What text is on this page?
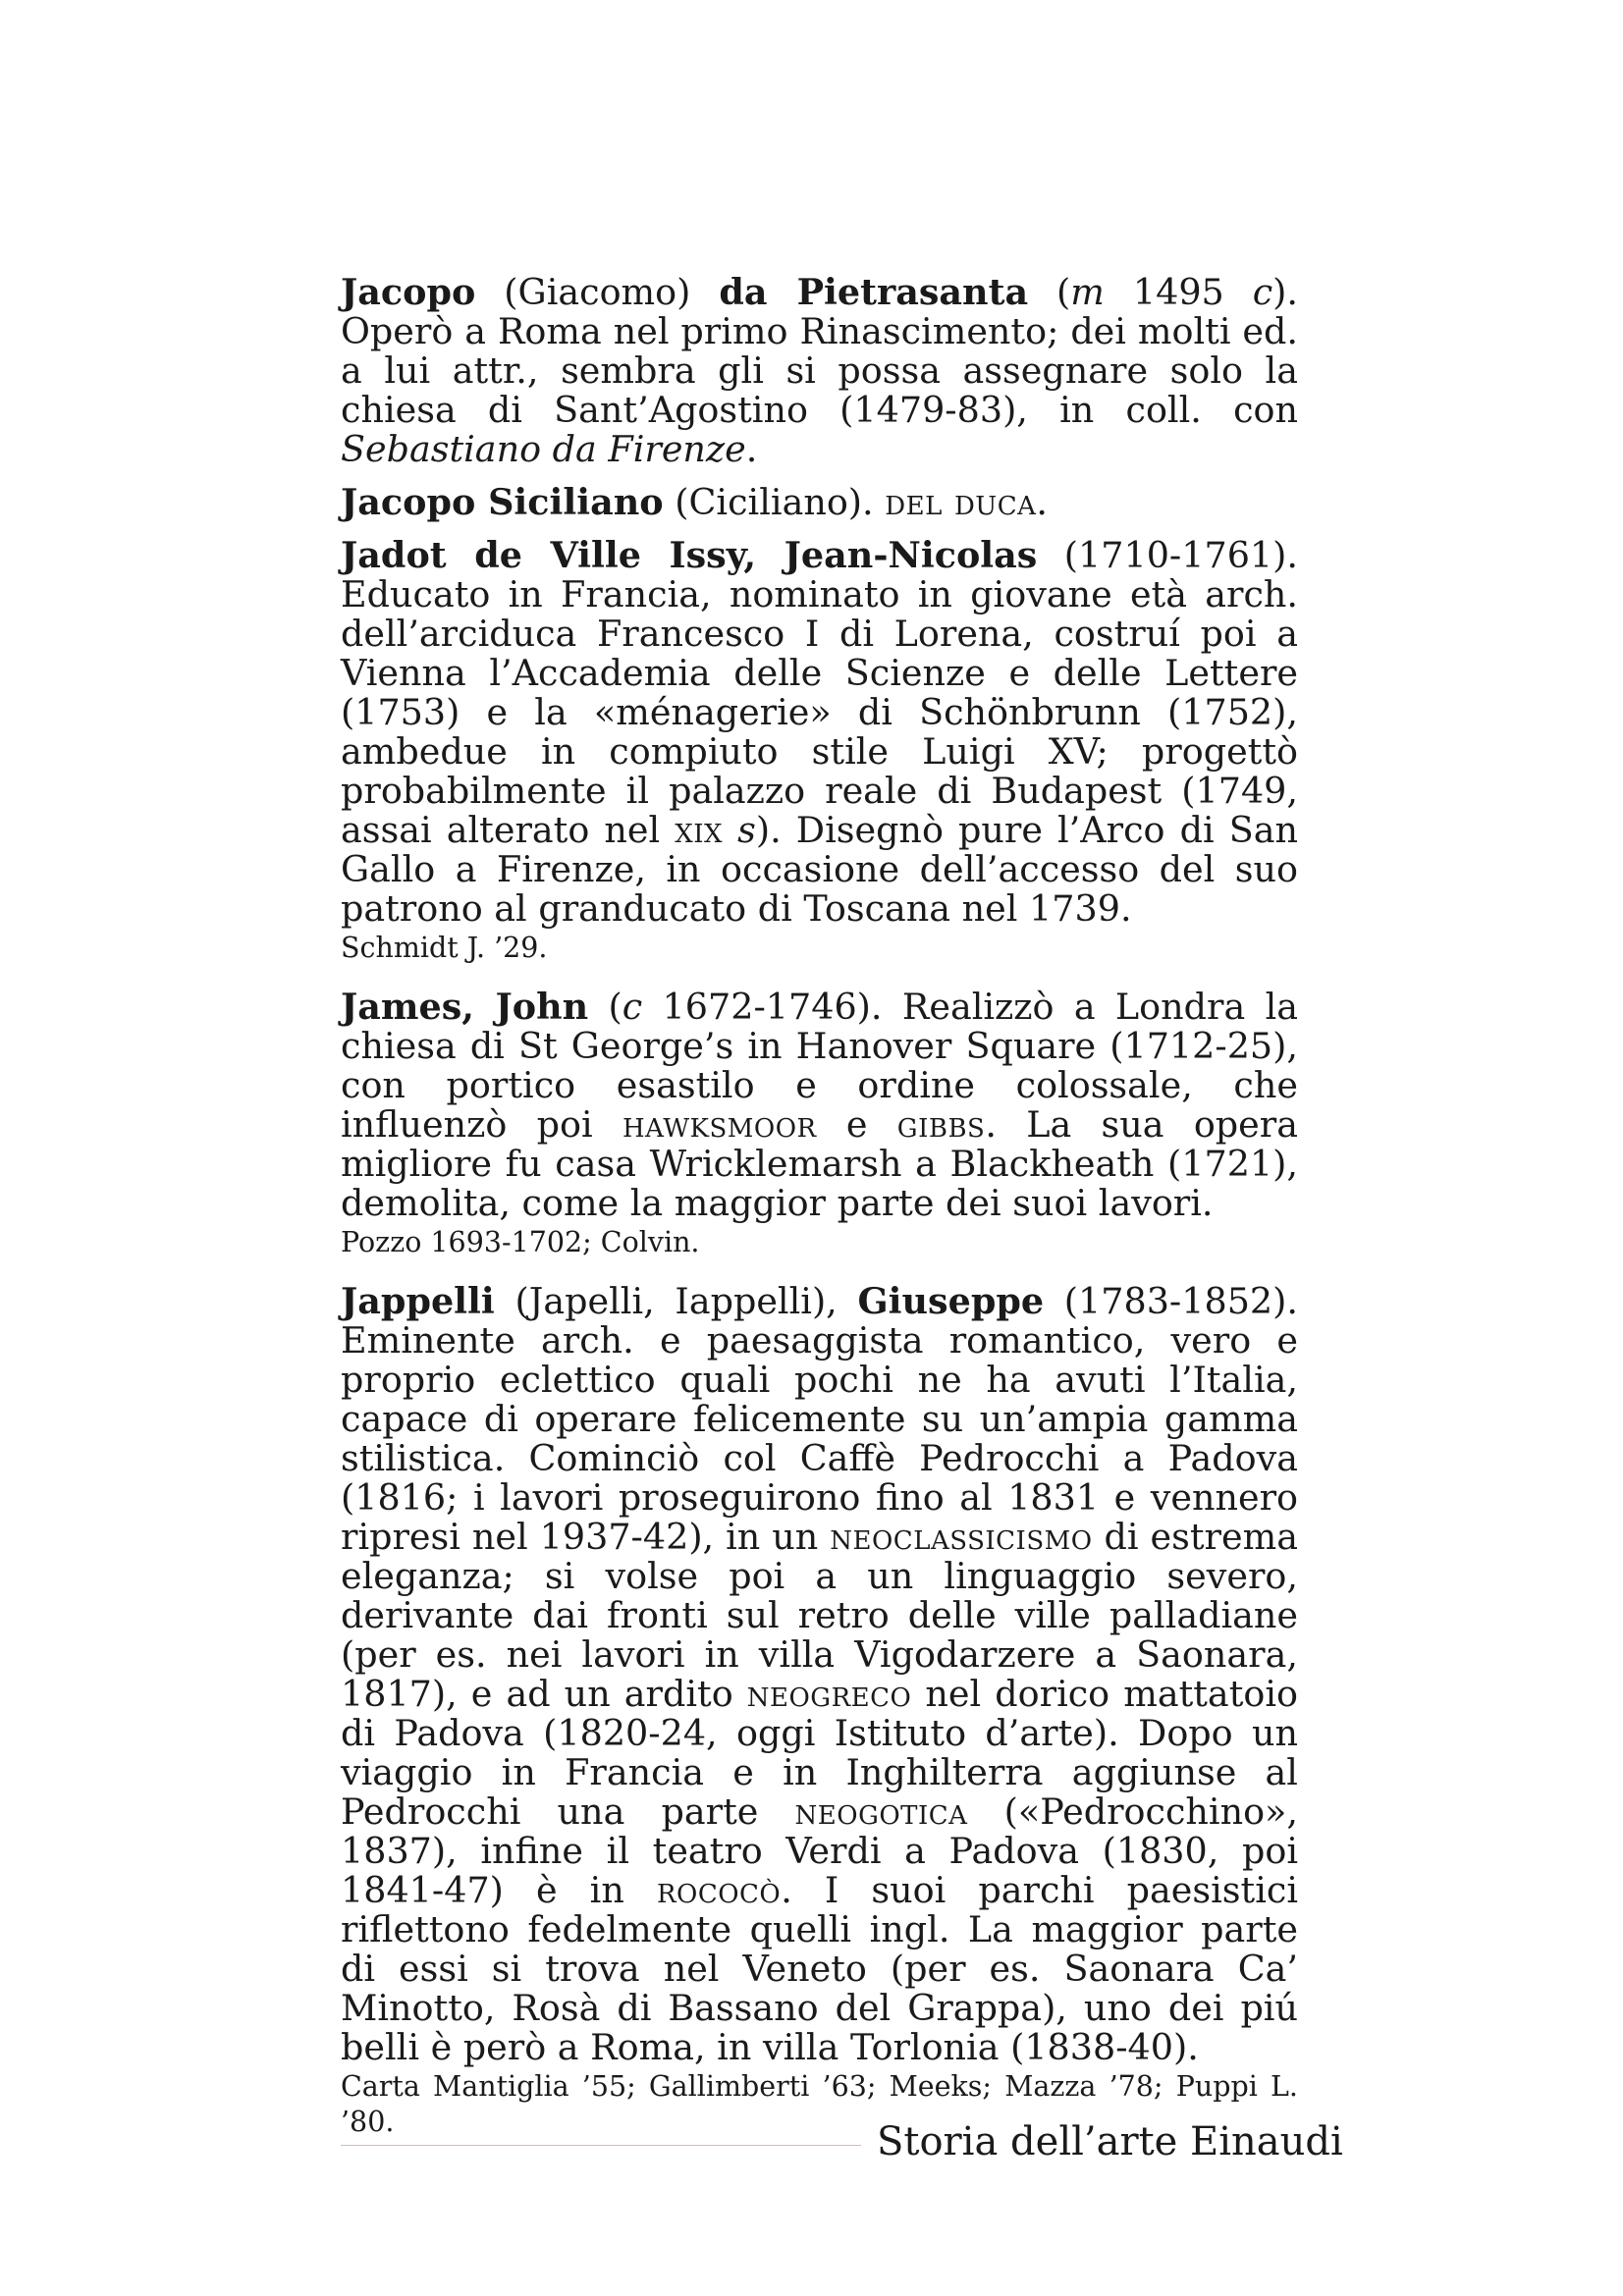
Jacopo (Giacomo) da Pietrasanta (m 1495 c). Operò a Roma nel primo Rinascimento; dei molti ed. a lui attr., sembra gli si possa assegnare solo la chiesa di Sant’Agostino (1479-83), in coll. con Sebastiano da Firenze.

Jacopo Siciliano (Ciciliano). del duca.

Jadot de Ville Issy, Jean-Nicolas (1710-1761). Educato in Francia, nominato in giovane età arch. dell’arciduca Francesco I di Lorena, costruí poi a Vienna l’Accademia delle Scienze e delle Lettere (1753) e la «ménagerie» di Schönbrunn (1752), ambedue in compiuto stile Luigi XV; progettò probabilmente il palazzo reale di Budapest (1749, assai alterato nel xix s). Disegnò pure l’Arco di San Gallo a Firenze, in occasione dell’accesso del suo patrono al granducato di Toscana nel 1739.

Schmidt J. ’29.

James, John (c 1672-1746). Realizzò a Londra la chiesa di St George’s in Hanover Square (1712-25), con portico esastilo e ordine colossale, che influenzò poi hawksmoor e gibbs. La sua opera migliore fu casa Wricklemarsh a Blackheath (1721), demolita, come la maggior parte dei suoi lavori.

Pozzo 1693-1702; Colvin.

Jappelli (Japelli, Iappelli), Giuseppe (1783-1852). Eminente arch. e paesaggista romantico, vero e proprio eclettico quali pochi ne ha avuti l’Italia, capace di operare felicemente su un’ampia gamma stilistica. Cominciò col Caffè Pedrocchi a Padova (1816; i lavori proseguirono fino al 1831 e vennero ripresi nel 1937-42), in un neoclassicismo di estrema eleganza; si volse poi a un linguaggio severo, derivante dai fronti sul retro delle ville palladiane (per es. nei lavori in villa Vigodarzere a Saonara, 1817), e ad un ardito neogreco nel dorico mattatoio di Padova (1820-24, oggi Istituto d’arte). Dopo un viaggio in Francia e in Inghilterra aggiunse al Pedrocchi una parte neogotica («Pedrocchino», 1837), infine il teatro Verdi a Padova (1830, poi 1841-47) è in rococò. I suoi parchi paesistici riflettono fedelmente quelli ingl. La maggior parte di essi si trova nel Veneto (per es. Saonara Ca’ Minotto, Rosà di Bassano del Grappa), uno dei piú belli è però a Roma, in villa Torlonia (1838-40).

Carta Mantiglia ’55; Gallimberti ’63; Meeks; Mazza ’78; Puppi L. ’80.	Storia dell’arte Einaudi
